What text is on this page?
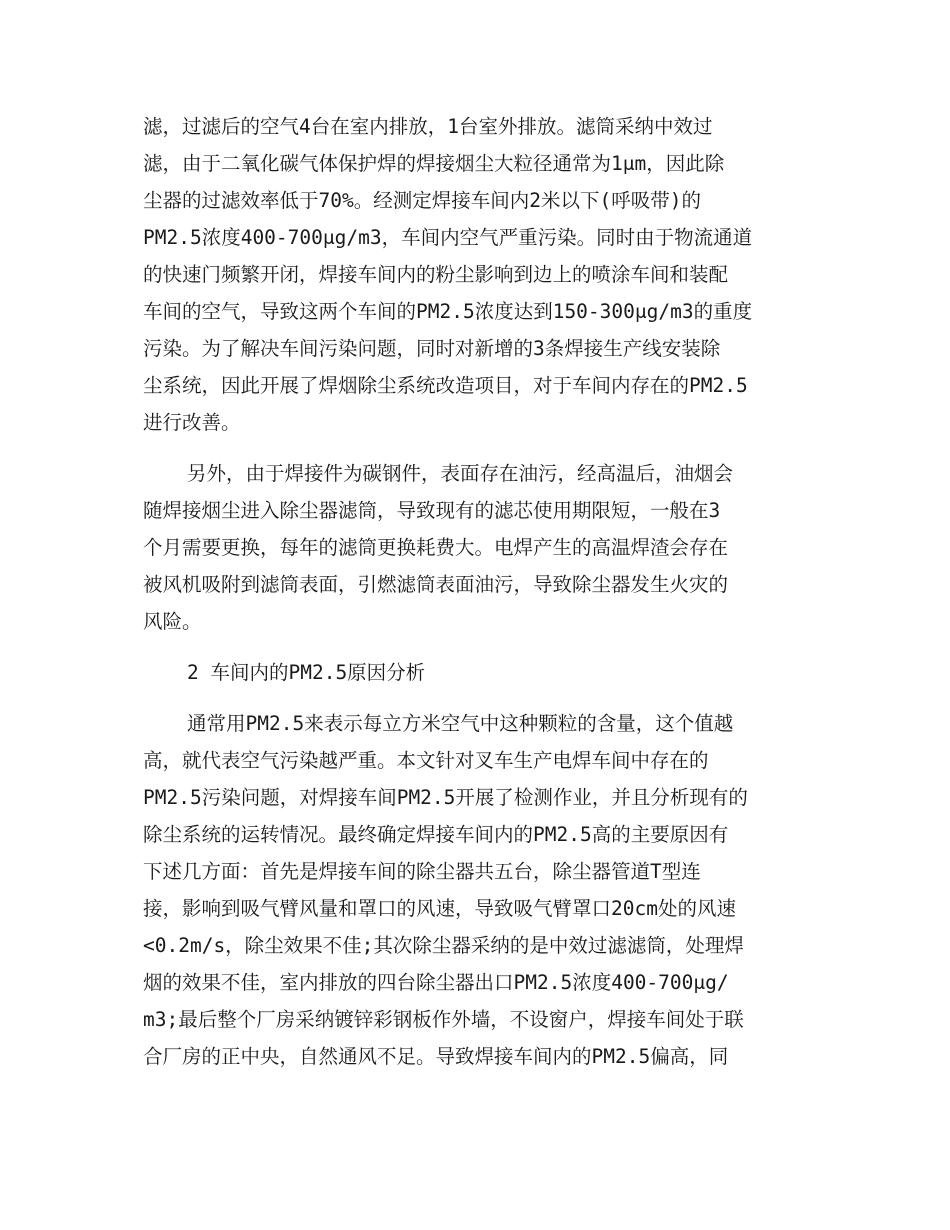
滤，过滤后的空气4台在室内排放，1台室外排放。滤筒采纳中效过
滤，由于二氧化碳气体保护焊的焊接烟尘大粒径通常为1μm，因此除
尘器的过滤效率低于70%。经测定焊接车间内2米以下(呼吸带)的
PM2.5浓度400-700μg/m3，车间内空气严重污染。同时由于物流通道
的快速门频繁开闭，焊接车间内的粉尘影响到边上的喷涂车间和装配
车间的空气，导致这两个车间的PM2.5浓度达到150-300μg/m3的重度
污染。为了解决车间污染问题，同时对新增的3条焊接生产线安装除
尘系统，因此开展了焊烟除尘系统改造项目，对于车间内存在的PM2.5
进行改善。
另外，由于焊接件为碳钢件，表面存在油污，经高温后，油烟会
随焊接烟尘进入除尘器滤筒，导致现有的滤芯使用期限短，一般在3
个月需要更换，每年的滤筒更换耗费大。电焊产生的高温焊渣会存在
被风机吸附到滤筒表面，引燃滤筒表面油污，导致除尘器发生火灾的
风险。
2 车间内的PM2.5原因分析
通常用PM2.5来表示每立方米空气中这种颗粒的含量，这个值越
高，就代表空气污染越严重。本文针对叉车生产电焊车间中存在的
PM2.5污染问题，对焊接车间PM2.5开展了检测作业，并且分析现有的
除尘系统的运转情况。最终确定焊接车间内的PM2.5高的主要原因有
下述几方面：首先是焊接车间的除尘器共五台，除尘器管道T型连
接，影响到吸气臂风量和罩口的风速，导致吸气臂罩口20cm处的风速
<0.2m/s，除尘效果不佳;其次除尘器采纳的是中效过滤滤筒，处理焊
烟的效果不佳，室内排放的四台除尘器出口PM2.5浓度400-700μg/
m3;最后整个厂房采纳镀锌彩钢板作外墙，不设窗户，焊接车间处于联
合厂房的正中央，自然通风不足。导致焊接车间内的PM2.5偏高，同
